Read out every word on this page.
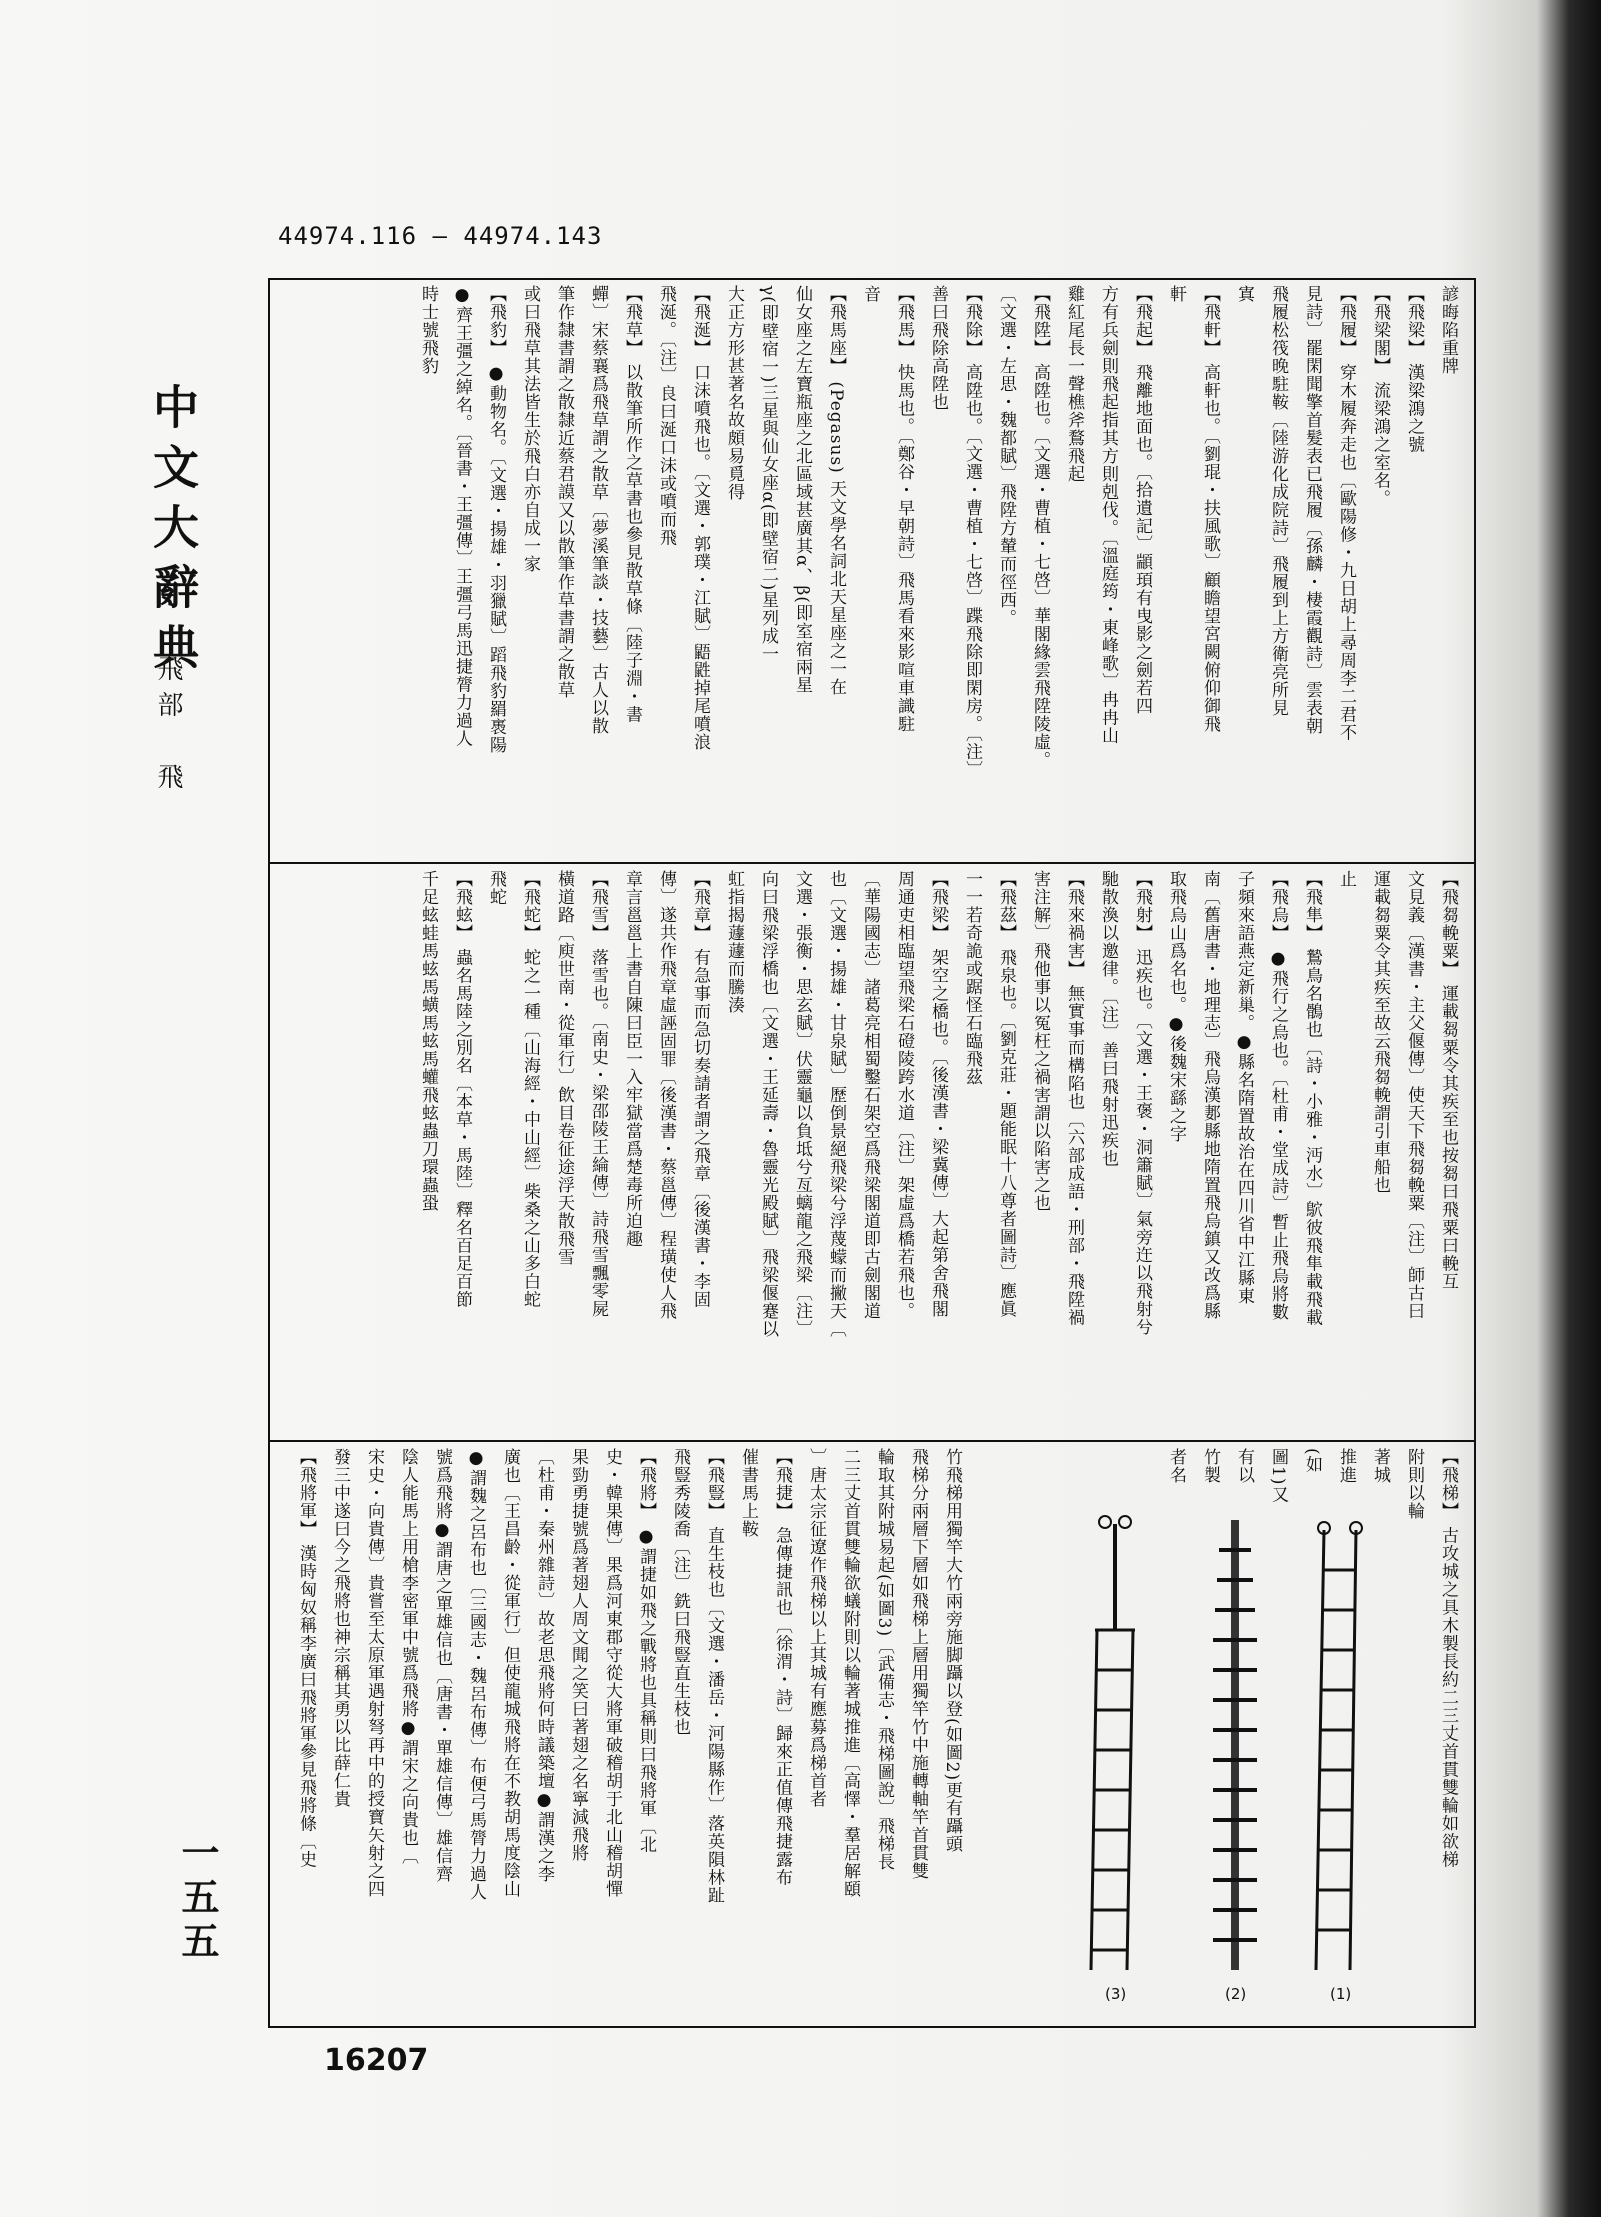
44974.116 — 44974.143
中文大辭典
飛部　飛
一五五
16207
諺晦陷重牌
【飛梁】 漢梁鴻之號
【飛梁閣】 流梁鴻之室名。
【飛履】 穿木履奔走也〔歐陽修・九日胡上尋周李二君不
見詩〕罷閑聞擎首髮表已飛履〔孫麟・棲霞觀詩〕雲表朝
飛履松筏晚駐鞍〔陸游化成院詩〕飛履到上方衛亮所見
寘
【飛軒】 高軒也。〔劉琨・扶風歌〕顧瞻望宮闕俯仰御飛
軒
【飛起】 飛離地面也。〔拾遺記〕顓頊有曳影之劍若四
方有兵劍則飛起指其方則剋伐。〔溫庭筠・東峰歌〕冉冉山
雞紅尾長一聲樵斧鶩飛起
【飛陞】 高陞也。〔文選・曹植・七啓〕華閣緣雲飛陞陵虛。
〔文選・左思・魏都賦〕飛陞方輦而徑西。
【飛除】 高陞也。〔文選・曹植・七啓〕蹀飛除即閑房。〔注〕
善曰飛除高陞也
【飛馬】 快馬也。〔鄭谷・早朝詩〕飛馬看來影喧車識駐
音
【飛馬座】 (Pegasus) 天文學名詞北天星座之一在
仙女座之左寶瓶座之北區域甚廣其α、β(即室宿兩星
γ(即壁宿一)三星與仙女座α(即壁宿二)星列成一
大正方形甚著名故頗易覓得
【飛涎】 口沫噴飛也。〔文選・郭璞・江賦〕鼯鼪掉尾噴浪
飛涎。〔注〕良曰涎口沫或噴而飛
【飛草】 以散筆所作之草書也參見散草條〔陸子淵・書
蟬〕宋蔡襄爲飛草謂之散草〔夢溪筆談・技藝〕古人以散
筆作隸書謂之散隸近蔡君謨又以散筆作草書謂之散草
或曰飛草其法皆生於飛白亦自成一家
【飛豹】 ●動物名。〔文選・揚雄・羽獵賦〕蹈飛豹羂褭陽
●齊王彊之綽名。〔晉書・王彊傳〕王彊弓馬迅捷膂力過人
時士號飛豹
【飛芻輓粟】 運載芻粟令其疾至也按芻曰飛粟曰輓互
文見義〔漢書・主父偃傳〕使天下飛芻輓粟〔注〕師古曰
運載芻粟令其疾至故云飛芻輓謂引車船也
止
【飛隼】 鷙鳥名鶻也〔詩・小雅・沔水〕鴥彼飛隼載飛載
【飛烏】 ●飛行之烏也。〔杜甫・堂成詩〕暫止飛烏將數
子頻來語燕定新巢。●縣名隋置故治在四川省中江縣東
南〔舊唐書・地理志〕飛烏漢郪縣地隋置飛烏鎮又改爲縣
取飛烏山爲名也。●後魏宋繇之字
【飛射】 迅疾也。〔文選・王褒・洞簫賦〕氣旁迕以飛射兮
馳散渙以邀律。〔注〕善曰飛射迅疾也
【飛來禍害】 無實事而構陷也〔六部成語・刑部・飛陞禍
害注解〕飛他事以冤枉之禍害謂以陷害之也
【飛茲】 飛泉也。〔劉克莊・題能眠十八尊者圖詩〕應眞
一一若奇詭或踞怪石臨飛茲
【飛梁】 架空之橋也。〔後漢書・梁冀傳〕大起第舍飛閣
周通吏相臨望飛梁石磴陵跨水道〔注〕架虛爲橋若飛也。
〔華陽國志〕諸葛亮相蜀鑿石架空爲飛梁閣道即古劍閣道
也〔文選・揚雄・甘泉賦〕歷倒景絕飛梁兮浮蔑蠓而撇天〔
文選・張衡・思玄賦〕伏靈龜以負坻兮亙螭龍之飛梁〔注〕
向曰飛梁浮橋也〔文選・王延壽・魯靈光殿賦〕飛梁偃蹇以
虹指揭蘧蘧而騰湊
【飛章】 有急事而急切奏請者謂之飛章〔後漢書・李固
傳〕遂共作飛章虛誣固罪〔後漢書・蔡邕傳〕程璜使人飛
章言邕邕上書自陳曰臣一入牢獄當爲楚毒所迫趣
【飛雪】 落雪也。〔南史・梁邵陵王綸傳〕詩飛雪飄零屍
橫道路〔庾世南・從軍行〕飲目卷征途浮天散飛雪
【飛蛇】 蛇之一種〔山海經・中山經〕柴桑之山多白蛇
飛蛇
【飛蚿】 蟲名馬陸之別名〔本草・馬陸〕釋名百足百節
千足蚿蛙馬蚿馬蟥馬蚿馬蠸飛蚿蟲刀環蟲蛩
【飛梯】 古攻城之具木製長約二三丈首貫雙輪如欲梯
附則以輪
著城
推進
(如
圖1)又
有以
竹製
者名
竹飛梯用獨竿大竹兩旁施脚躡以登(如圖2)更有躡頭
飛梯分兩層下層如飛梯上層用獨竿竹中施轉軸竿首貫雙
輪取其附城易起(如圖3)〔武備志・飛梯圖說〕飛梯長
二三丈首貫雙輪欲蟻附則以輪著城推進〔高懌・羣居解頤
〕唐太宗征遼作飛梯以上其城有應募爲梯首者
【飛捷】 急傳捷訊也〔徐渭・詩〕歸來正值傳飛捷露布
催書馬上鞍
【飛豎】 直生枝也〔文選・潘岳・河陽縣作〕落英隕林趾
飛豎秀陵喬〔注〕銑曰飛豎直生枝也
【飛將】 ●謂捷如飛之戰將也具稱則曰飛將軍〔北
史・韓果傳〕果爲河東郡守從大將軍破稽胡于北山稽胡憚
果勁勇捷號爲著翅人周文聞之笑曰著翅之名寧減飛將
〔杜甫・秦州雜詩〕故老思飛將何時議築壇●謂漢之李
廣也〔王昌齡・從軍行〕但使龍城飛將在不教胡馬度陰山
●謂魏之呂布也〔三國志・魏呂布傳〕布便弓馬膂力過人
號爲飛將●謂唐之單雄信也〔唐書・單雄信傳〕雄信齊
陰人能馬上用槍李密軍中號爲飛將●謂宋之向貴也〔
宋史・向貴傳〕貴嘗至太原軍遇射弩再中的授寶矢射之四
發三中遂曰今之飛將也神宗稱其勇以比薛仁貴
【飛將軍】 漢時匈奴稱李廣曰飛將軍參見飛將條〔史
(1)
(2)
(3)
